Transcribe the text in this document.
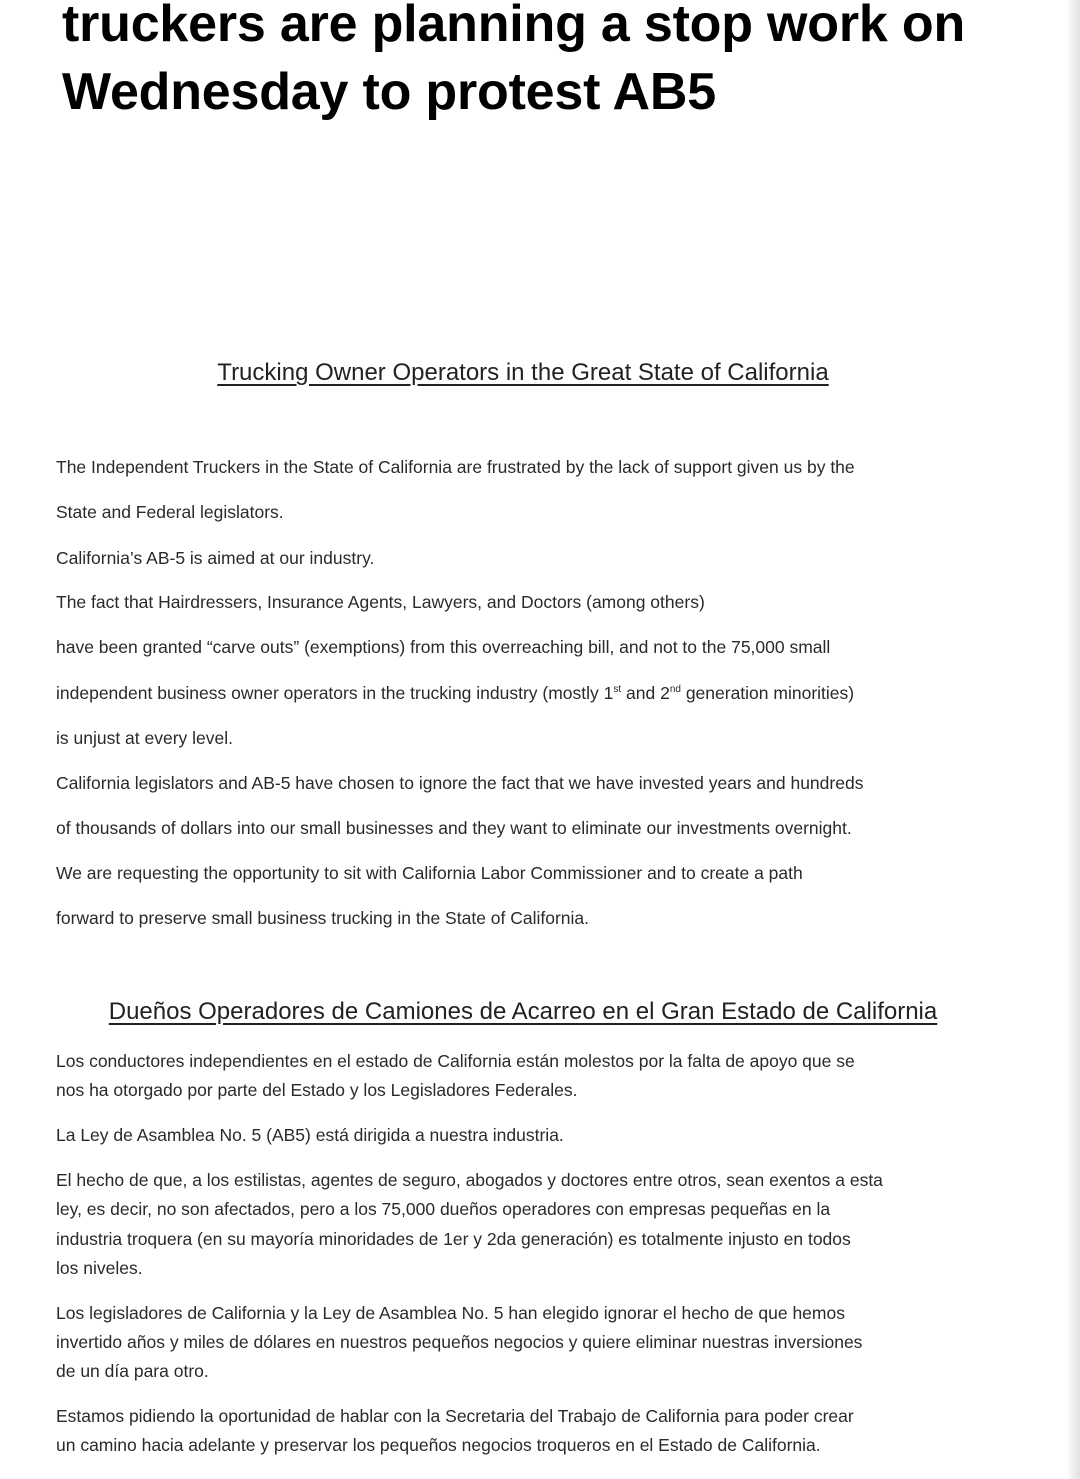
truckers are planning a stop work on Wednesday to protest AB5
Trucking Owner Operators in the Great State of California

The Independent Truckers in the State of California are frustrated by the lack of support given us by the

State and Federal legislators.

California’s AB-5 is aimed at our industry.

The fact that Hairdressers, Insurance Agents, Lawyers, and Doctors (among others)

have been granted “carve outs” (exemptions) from this overreaching bill, and not to the 75,000 small

independent business owner operators in the trucking industry (mostly 1st and 2nd generation minorities)

is unjust at every level.

California legislators and AB-5 have chosen to ignore the fact that we have invested years and hundreds

of thousands of dollars into our small businesses and they want to eliminate our investments overnight.

We are requesting the opportunity to sit with California Labor Commissioner and to create a path

forward to preserve small business trucking in the State of California.

Dueños Operadores de Camiones de Acarreo en el Gran Estado de California

Los conductores independientes en el estado de California están molestos por la falta de apoyo que se

nos ha otorgado por parte del Estado y los Legisladores Federales.

La Ley de Asamblea No. 5 (AB5) está dirigida a nuestra industria.

El hecho de que, a los estilistas, agentes de seguro, abogados y doctores entre otros, sean exentos a esta

ley, es decir, no son afectados, pero a los 75,000 dueños operadores con empresas pequeñas en la

industria troquera (en su mayoría minoridades de 1er y 2da generación) es totalmente injusto en todos

los niveles.

Los legisladores de California y la Ley de Asamblea No. 5 han elegido ignorar el hecho de que hemos

invertido años y miles de dólares en nuestros pequeños negocios y quiere eliminar nuestras inversiones

de un día para otro.

Estamos pidiendo la oportunidad de hablar con la Secretaria del Trabajo de California para poder crear

un camino hacia adelante y preservar los pequeños negocios troqueros en el Estado de California.
